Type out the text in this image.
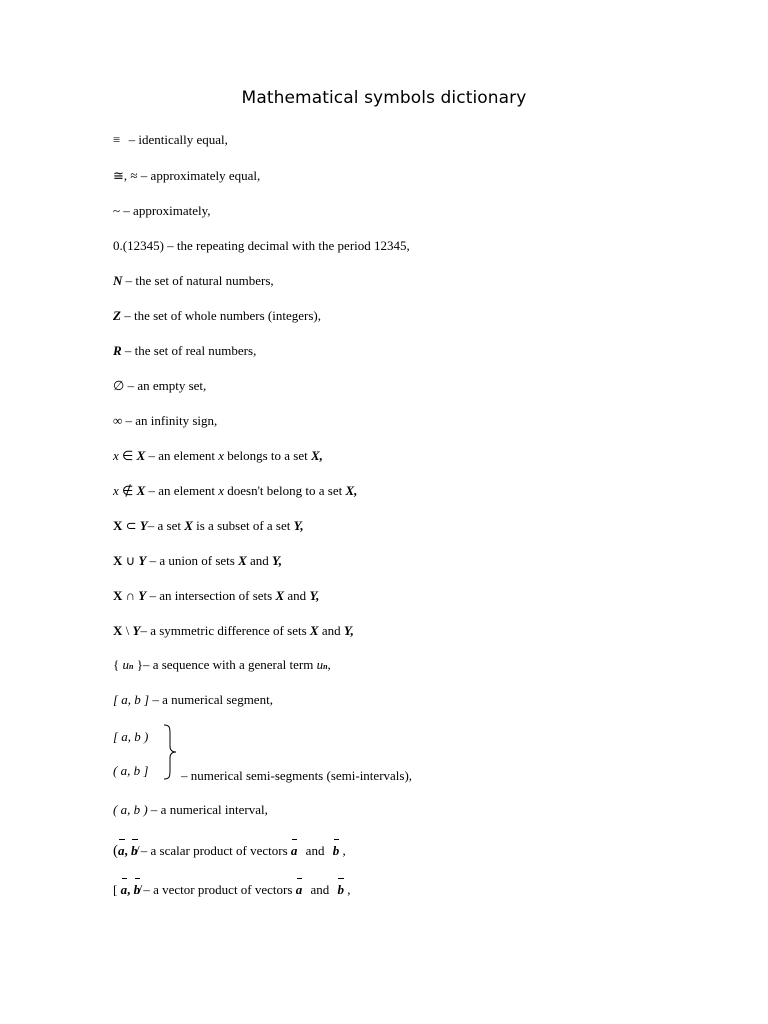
Mathematical symbols dictionary
≡ – identically equal,
≅, ≈ – approximately equal,
~ – approximately,
0.(12345) – the repeating decimal with the period 12345,
N – the set of natural numbers,
Z – the set of whole numbers (integers),
R – the set of real numbers,
∅ – an empty set,
∞ – an infinity sign,
x ∈ X – an element x belongs to a set X,
x ∉ X – an element x doesn't belong to a set X,
X ⊂ Y– a set X is a subset of a set Y,
X ∪ Y – a union of sets X and Y,
X ∩ Y – an intersection of sets X and Y,
X \ Y– a symmetric difference of sets X and Y,
{ un }– a sequence with a general term un,
[ a, b ] – a numerical segment,
[ a, b )
( a, b ]	– numerical semi-segments (semi-intervals),
( a, b ) – a numerical interval,
(a, b – a scalar product of vectors a and b ,
[ a, b – a vector product of vectors a and b ,
